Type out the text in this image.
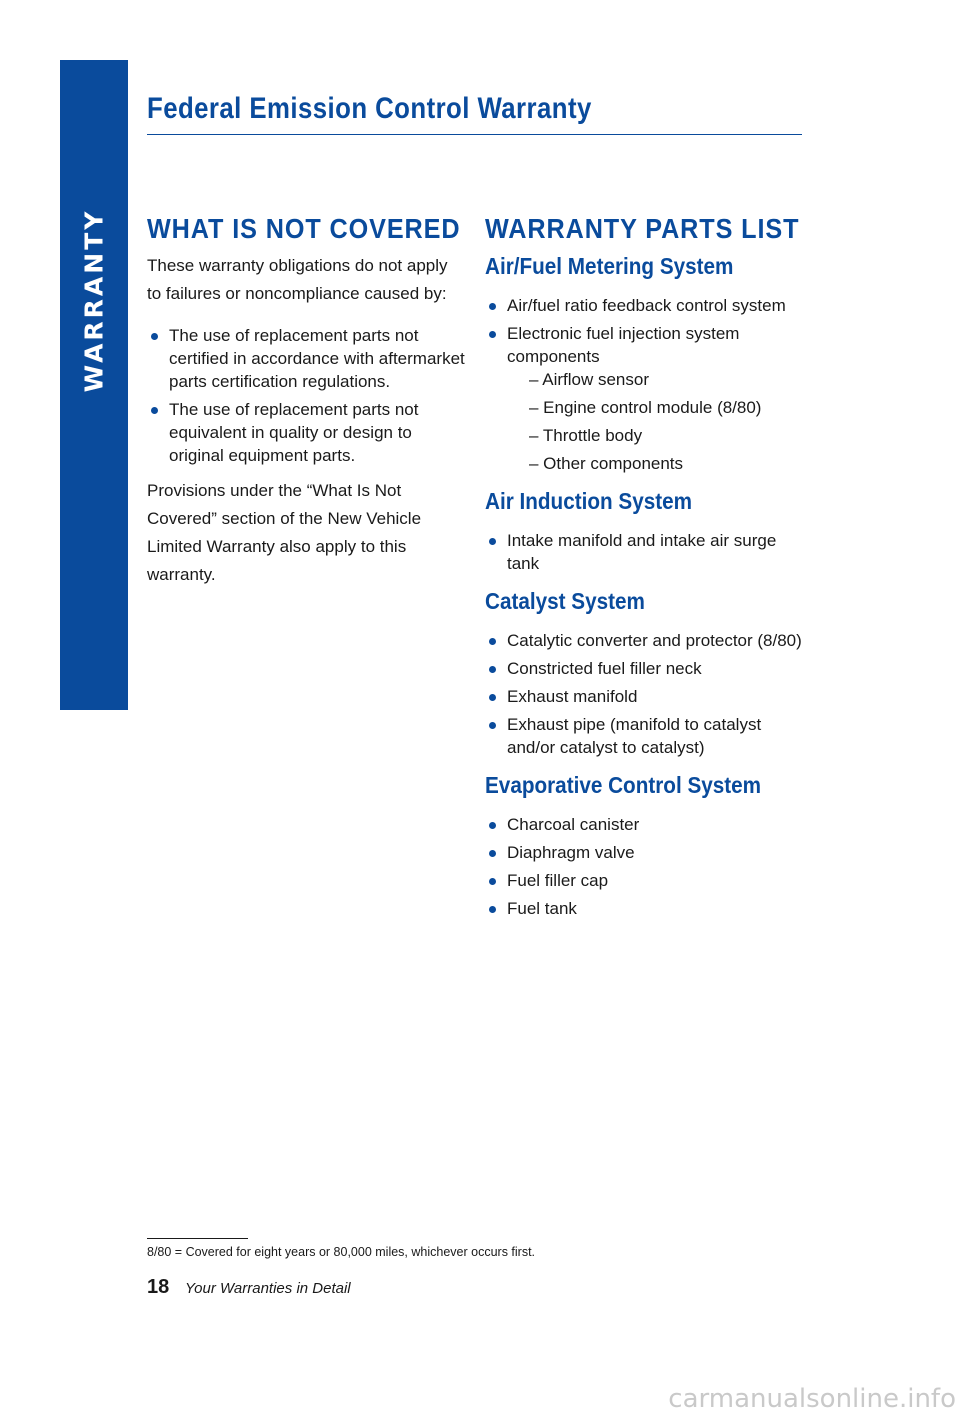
WARRANTY
Federal Emission Control Warranty
WHAT IS NOT COVERED

These warranty obligations do not apply to failures or noncompliance caused by:

The use of replacement parts not certified in accordance with aftermarket parts certification regulations.
The use of replacement parts not equivalent in quality or design to original equipment parts.

Provisions under the “What Is Not Covered” section of the New Vehicle Limited Warranty also apply to this warranty.

WARRANTY PARTS LIST
Air/Fuel Metering System
Air/fuel ratio feedback control system
Electronic fuel injection system components
– Airflow sensor
– Engine control module (8/80)
– Throttle body
– Other components
Air Induction System
Intake manifold and intake air surge tank
Catalyst System
Catalytic converter and protector (8/80)
Constricted fuel filler neck
Exhaust manifold
Exhaust pipe (manifold to catalyst and/or catalyst to catalyst)
Evaporative Control System
Charcoal canister
Diaphragm valve
Fuel filler cap
Fuel tank

8/80 = Covered for eight years or 80,000 miles, whichever occurs first.

18 Your Warranties in Detail

carmanualsonline.info
